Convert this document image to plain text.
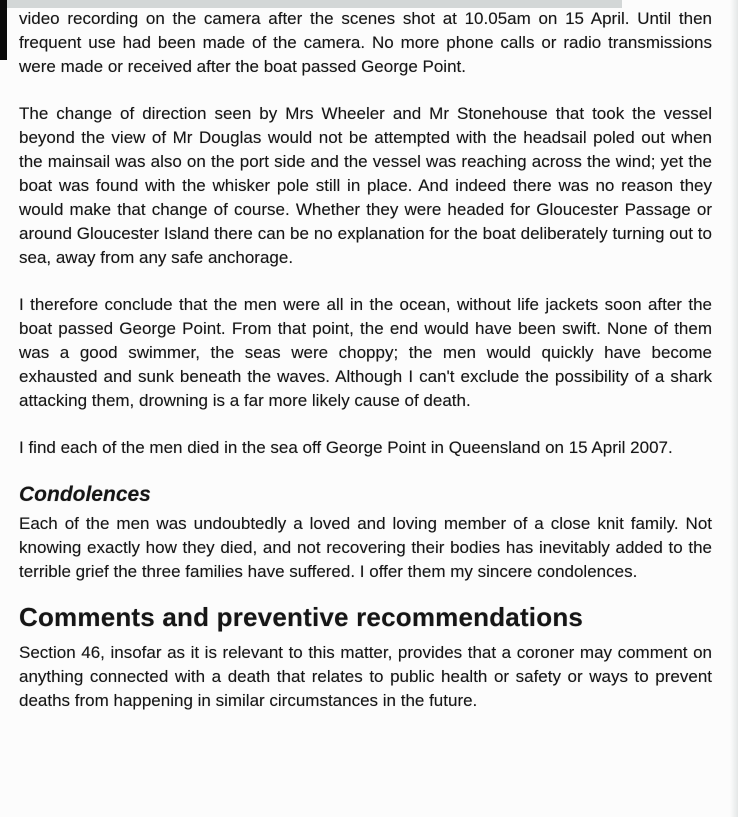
video recording on the camera after the scenes shot at 10.05am on 15 April. Until then frequent use had been made of the camera. No more phone calls or radio transmissions were made or received after the boat passed George Point.

The change of direction seen by Mrs Wheeler and Mr Stonehouse that took the vessel beyond the view of Mr Douglas would not be attempted with the headsail poled out when the mainsail was also on the port side and the vessel was reaching across the wind; yet the boat was found with the whisker pole still in place. And indeed there was no reason they would make that change of course. Whether they were headed for Gloucester Passage or around Gloucester Island there can be no explanation for the boat deliberately turning out to sea, away from any safe anchorage.

I therefore conclude that the men were all in the ocean, without life jackets soon after the boat passed George Point. From that point, the end would have been swift. None of them was a good swimmer, the seas were choppy; the men would quickly have become exhausted and sunk beneath the waves. Although I can't exclude the possibility of a shark attacking them, drowning is a far more likely cause of death.

I find each of the men died in the sea off George Point in Queensland on 15 April 2007.

Condolences

Each of the men was undoubtedly a loved and loving member of a close knit family. Not knowing exactly how they died, and not recovering their bodies has inevitably added to the terrible grief the three families have suffered. I offer them my sincere condolences.

Comments and preventive recommendations

Section 46, insofar as it is relevant to this matter, provides that a coroner may comment on anything connected with a death that relates to public health or safety or ways to prevent deaths from happening in similar circumstances in the future.
